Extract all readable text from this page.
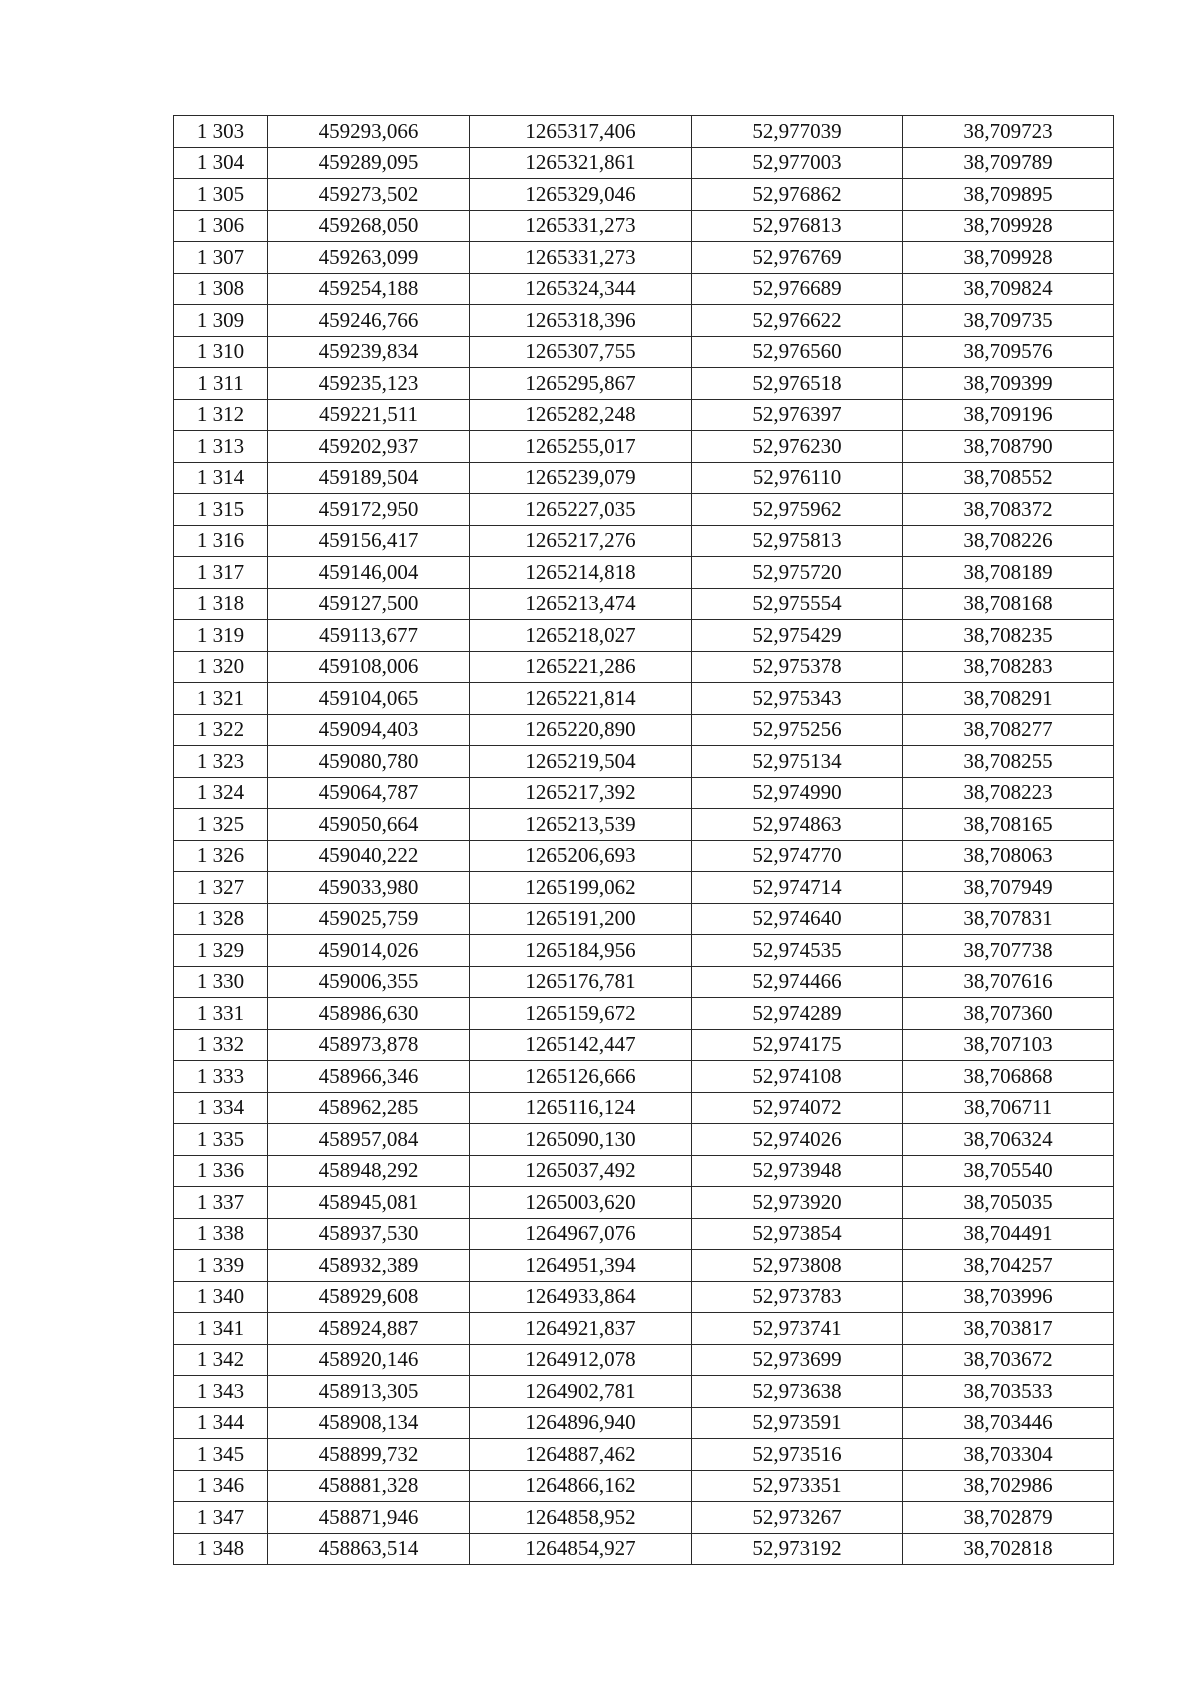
1 303	459293,066	1265317,406	52,977039	38,709723
1 304	459289,095	1265321,861	52,977003	38,709789
1 305	459273,502	1265329,046	52,976862	38,709895
1 306	459268,050	1265331,273	52,976813	38,709928
1 307	459263,099	1265331,273	52,976769	38,709928
1 308	459254,188	1265324,344	52,976689	38,709824
1 309	459246,766	1265318,396	52,976622	38,709735
1 310	459239,834	1265307,755	52,976560	38,709576
1 311	459235,123	1265295,867	52,976518	38,709399
1 312	459221,511	1265282,248	52,976397	38,709196
1 313	459202,937	1265255,017	52,976230	38,708790
1 314	459189,504	1265239,079	52,976110	38,708552
1 315	459172,950	1265227,035	52,975962	38,708372
1 316	459156,417	1265217,276	52,975813	38,708226
1 317	459146,004	1265214,818	52,975720	38,708189
1 318	459127,500	1265213,474	52,975554	38,708168
1 319	459113,677	1265218,027	52,975429	38,708235
1 320	459108,006	1265221,286	52,975378	38,708283
1 321	459104,065	1265221,814	52,975343	38,708291
1 322	459094,403	1265220,890	52,975256	38,708277
1 323	459080,780	1265219,504	52,975134	38,708255
1 324	459064,787	1265217,392	52,974990	38,708223
1 325	459050,664	1265213,539	52,974863	38,708165
1 326	459040,222	1265206,693	52,974770	38,708063
1 327	459033,980	1265199,062	52,974714	38,707949
1 328	459025,759	1265191,200	52,974640	38,707831
1 329	459014,026	1265184,956	52,974535	38,707738
1 330	459006,355	1265176,781	52,974466	38,707616
1 331	458986,630	1265159,672	52,974289	38,707360
1 332	458973,878	1265142,447	52,974175	38,707103
1 333	458966,346	1265126,666	52,974108	38,706868
1 334	458962,285	1265116,124	52,974072	38,706711
1 335	458957,084	1265090,130	52,974026	38,706324
1 336	458948,292	1265037,492	52,973948	38,705540
1 337	458945,081	1265003,620	52,973920	38,705035
1 338	458937,530	1264967,076	52,973854	38,704491
1 339	458932,389	1264951,394	52,973808	38,704257
1 340	458929,608	1264933,864	52,973783	38,703996
1 341	458924,887	1264921,837	52,973741	38,703817
1 342	458920,146	1264912,078	52,973699	38,703672
1 343	458913,305	1264902,781	52,973638	38,703533
1 344	458908,134	1264896,940	52,973591	38,703446
1 345	458899,732	1264887,462	52,973516	38,703304
1 346	458881,328	1264866,162	52,973351	38,702986
1 347	458871,946	1264858,952	52,973267	38,702879
1 348	458863,514	1264854,927	52,973192	38,702818
